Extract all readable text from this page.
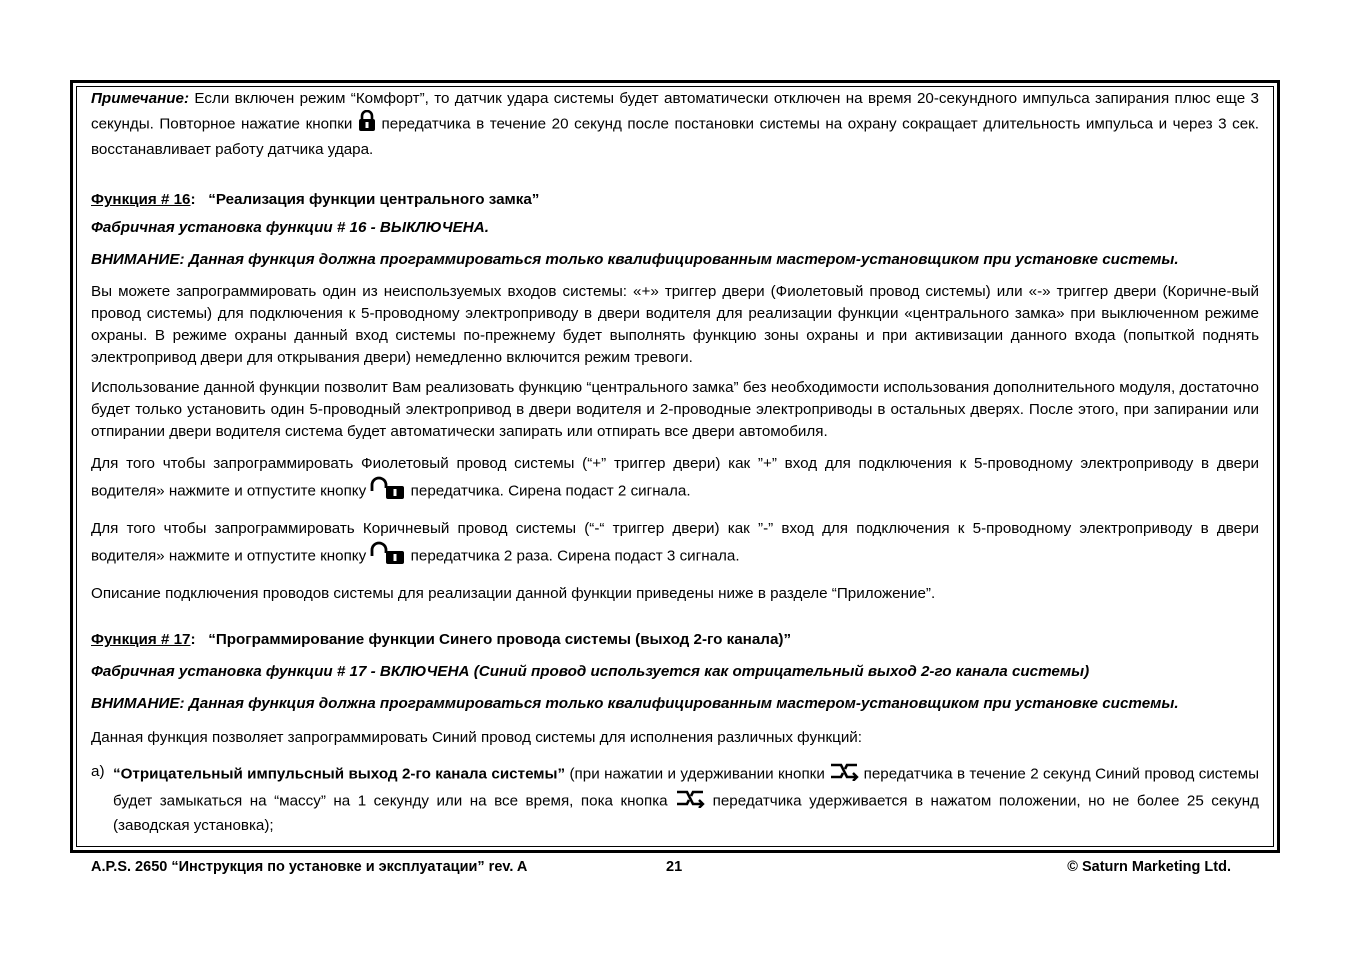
Примечание: Если включен режим “Комфорт”, то датчик удара системы будет автоматически отключен на время 20-секундного импульса запирания плюс еще 3 секунды. Повторное нажатие кнопки  передатчика в течение 20 секунд после постановки системы на охрану сокращает длительность импульса и через 3 сек. восстанавливает работу датчика удара.

Функция # 16: “Реализация функции центрального замка”

Фабричная установка функции # 16 - ВЫКЛЮЧЕНА.

ВНИМАНИЕ: Данная функция должна программироваться только квалифицированным мастером-установщиком при установке системы.

Вы можете запрограммировать один из неиспользуемых входов системы: «+» триггер двери (Фиолетовый провод системы) или «-» триггер двери (Коричне-вый провод системы) для подключения к 5-проводному электроприводу в двери водителя для реализации функции «центрального замка» при выключенном режиме охраны. В режиме охраны данный вход системы по-прежнему будет выполнять функцию зоны охраны и при активизации данного входа (попыткой поднять электропривод двери для открывания двери) немедленно включится режим тревоги.

Использование данной функции позволит Вам реализовать функцию “центрального замка” без необходимости использования дополнительного модуля, достаточно будет только установить один 5-проводный электропривод в двери водителя и 2-проводные электроприводы в остальных дверях. После этого, при запирании или отпирании двери водителя система будет автоматически запирать или отпирать все двери автомобиля.

Для того чтобы запрограммировать Фиолетовый провод системы (“+” триггер двери) как ”+” вход для подключения к 5-проводному электроприводу в двери водителя» нажмите и отпустите кнопку  передатчика. Сирена подаст 2 сигнала.

Для того чтобы запрограммировать Коричневый провод системы (“-“ триггер двери) как ”-” вход для подключения к 5-проводному электроприводу в двери водителя» нажмите и отпустите кнопку  передатчика 2 раза. Сирена подаст 3 сигнала.

Описание подключения проводов системы для реализации данной функции приведены ниже в разделе “Приложение”.

Функция # 17: “Программирование функции Синего провода системы (выход 2-го канала)”

Фабричная установка функции # 17 - ВКЛЮЧЕНА (Синий провод используется как отрицательный выход 2-го канала системы)

ВНИМАНИЕ: Данная функция должна программироваться только квалифицированным мастером-установщиком при установке системы.

Данная функция позволяет запрограммировать Синий провод системы для исполнения различных функций:

а) “Отрицательный импульсный выход 2-го канала системы” (при нажатии и удерживании кнопки  передатчика в течение 2 секунд Синий провод системы будет замыкаться на “массу” на 1 секунду или на все время, пока кнопка  передатчика удерживается в нажатом положении, но не более 25 секунд (заводская установка);

A.P.S. 2650 “Инструкция по установке и эксплуатации” rev. A	21	© Saturn Marketing Ltd.
